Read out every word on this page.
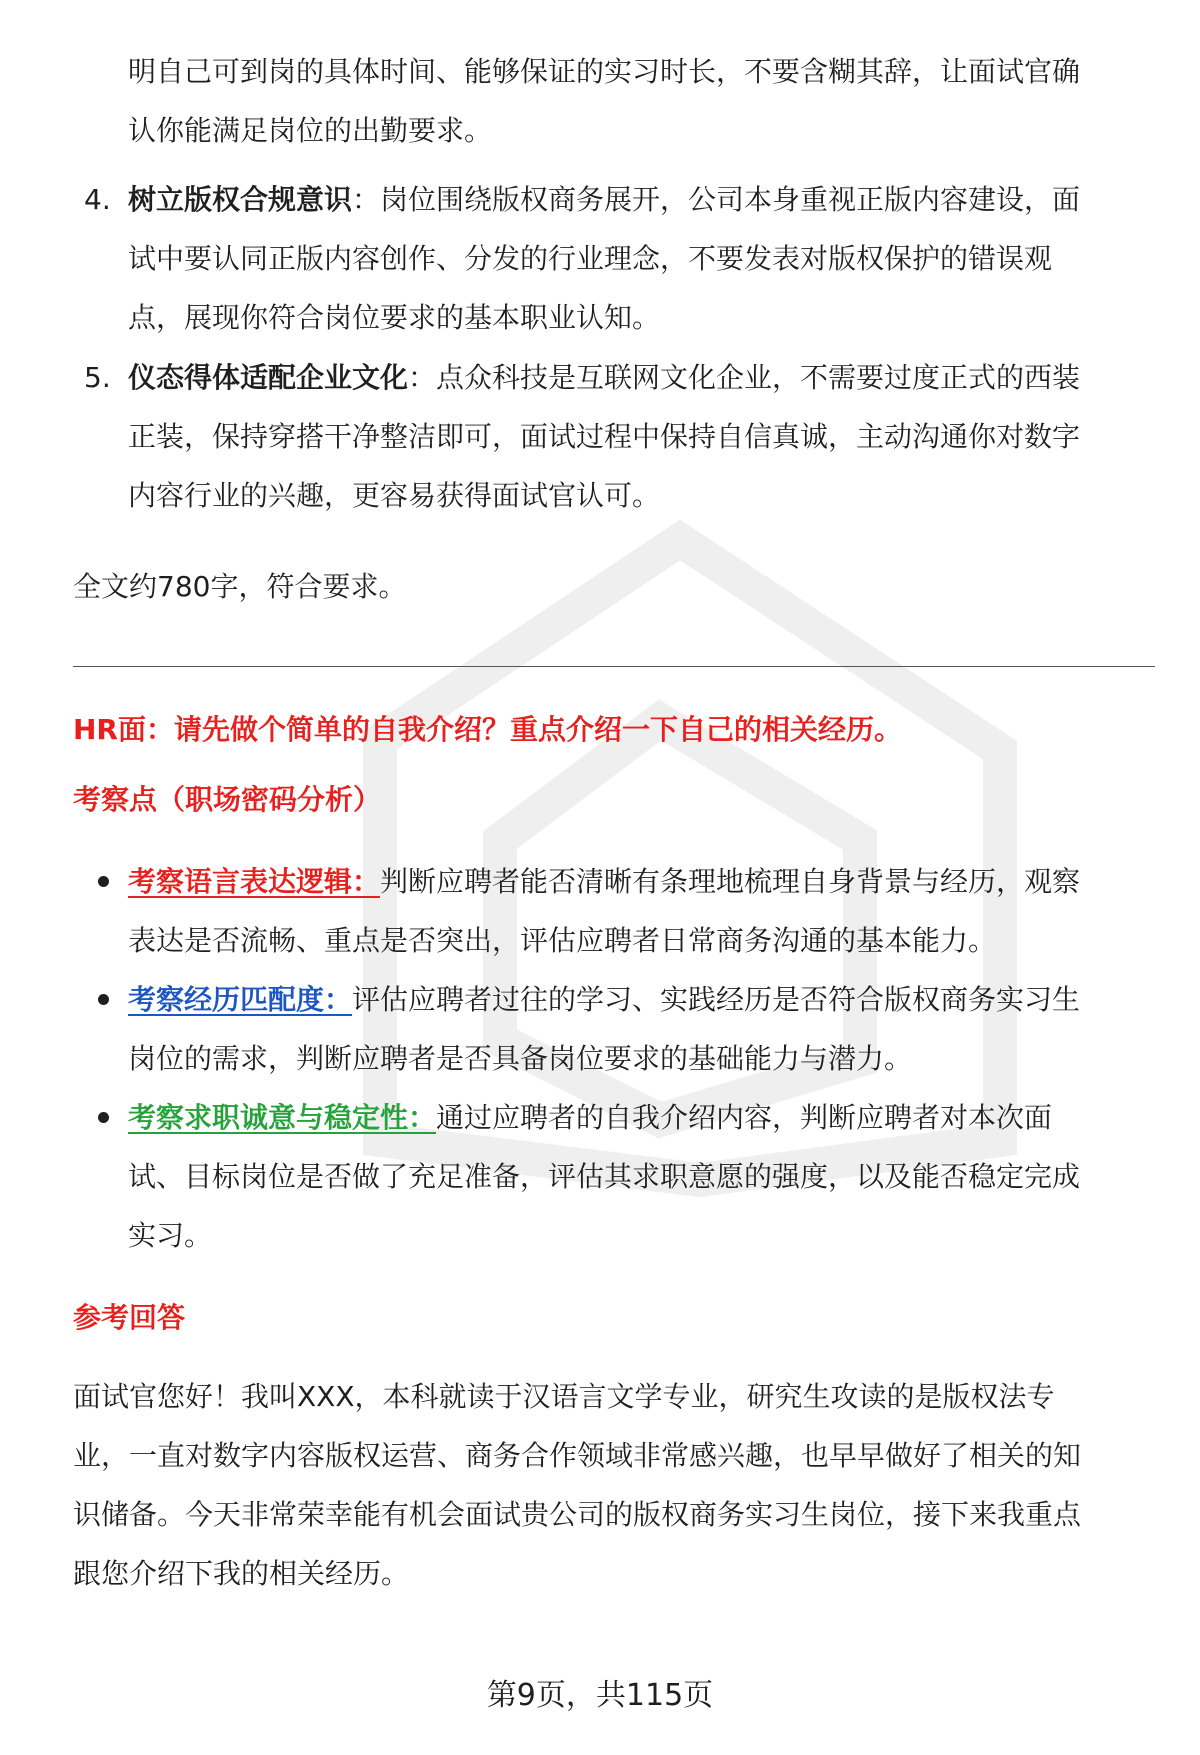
明自己可到岗的具体时间、能够保证的实习时长，不要含糊其辞，让面试官确

认你能满足岗位的出勤要求。

4. 树立版权合规意识：岗位围绕版权商务展开，公司本身重视正版内容建设，面

试中要认同正版内容创作、分发的行业理念，不要发表对版权保护的错误观

点，展现你符合岗位要求的基本职业认知。

5. 仪态得体适配企业文化：点众科技是互联网文化企业，不需要过度正式的西装

正装，保持穿搭干净整洁即可，面试过程中保持自信真诚，主动沟通你对数字

内容行业的兴趣，更容易获得面试官认可。

全文约780字，符合要求。

HR面：请先做个简单的自我介绍？重点介绍一下自己的相关经历。
考察点（职场密码分析）

考察语言表达逻辑：判断应聘者能否清晰有条理地梳理自身背景与经历，观察

表达是否流畅、重点是否突出，评估应聘者日常商务沟通的基本能力。

考察经历匹配度：评估应聘者过往的学习、实践经历是否符合版权商务实习生

岗位的需求，判断应聘者是否具备岗位要求的基础能力与潜力。

考察求职诚意与稳定性：通过应聘者的自我介绍内容，判断应聘者对本次面

试、目标岗位是否做了充足准备，评估其求职意愿的强度，以及能否稳定完成

实习。

参考回答

面试官您好！我叫XXX，本科就读于汉语言文学专业，研究生攻读的是版权法专

业，一直对数字内容版权运营、商务合作领域非常感兴趣，也早早做好了相关的知

识储备。今天非常荣幸能有机会面试贵公司的版权商务实习生岗位，接下来我重点

跟您介绍下我的相关经历。

第9页，共115页
